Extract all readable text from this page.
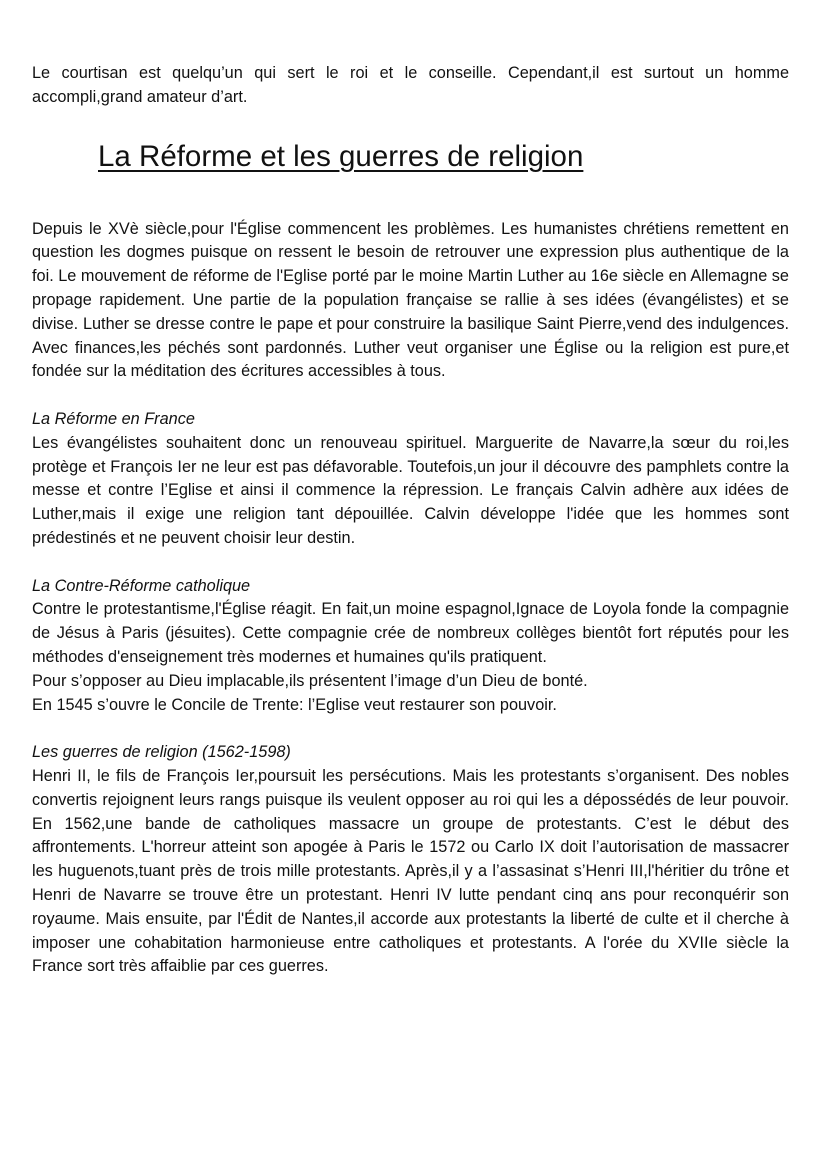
Le courtisan est quelqu’un qui sert le roi et le conseille. Cependant,il est surtout un homme accompli,grand amateur d’art.

La Réforme et les guerres de religion

Depuis le XVè siècle,pour l'Église commencent les problèmes. Les humanistes chrétiens remettent en question les dogmes puisque on ressent le besoin de retrouver une expression plus authentique de la foi. Le mouvement de réforme de l'Eglise porté par le moine Martin Luther au 16e siècle en Allemagne se propage rapidement. Une partie de la population française se rallie à ses idées (évangélistes) et se divise. Luther se dresse contre le pape et pour construire la basilique Saint Pierre,vend des indulgences. Avec finances,les péchés sont pardonnés. Luther veut organiser une Église ou la religion est pure,et fondée sur la méditation des écritures accessibles à tous.

La Réforme en France

Les évangélistes souhaitent donc un renouveau spirituel. Marguerite de Navarre,la sœur du roi,les protège et François Ier ne leur est pas défavorable. Toutefois,un jour il découvre des pamphlets contre la messe et contre l’Eglise et ainsi il commence la répression. Le français Calvin adhère aux idées de Luther,mais il exige une religion tant dépouillée. Calvin développe l'idée que les hommes sont prédestinés et ne peuvent choisir leur destin.

La Contre-Réforme catholique

Contre le protestantisme,l'Église réagit. En fait,un moine espagnol,Ignace de Loyola fonde la compagnie de Jésus à Paris (jésuites). Cette compagnie crée de nombreux collèges bientôt fort réputés pour les méthodes d'enseignement très modernes et humaines qu'ils pratiquent.

Pour s’opposer au Dieu implacable,ils présentent l’image d’un Dieu de bonté.

En 1545 s’ouvre le Concile de Trente: l’Eglise veut restaurer son pouvoir.

Les guerres de religion (1562-1598)

Henri II, le fils de François Ier,poursuit les persécutions. Mais les protestants s’organisent. Des nobles convertis rejoignent leurs rangs puisque ils veulent opposer au roi qui les a dépossédés de leur pouvoir. En 1562,une bande de catholiques massacre un groupe de protestants. C’est le début des affrontements. L'horreur atteint son apogée à Paris le 1572 ou Carlo IX doit l’autorisation de massacrer les huguenots,tuant près de trois mille protestants. Après,il y a l’assasinat s’Henri III,l'héritier du trône et Henri de Navarre se trouve être un protestant. Henri IV lutte pendant cinq ans pour reconquérir son royaume. Mais ensuite, par l'Édit de Nantes,il accorde aux protestants la liberté de culte et il cherche à imposer une cohabitation harmonieuse entre catholiques et protestants. A l'orée du XVIIe siècle la France sort très affaiblie par ces guerres.
